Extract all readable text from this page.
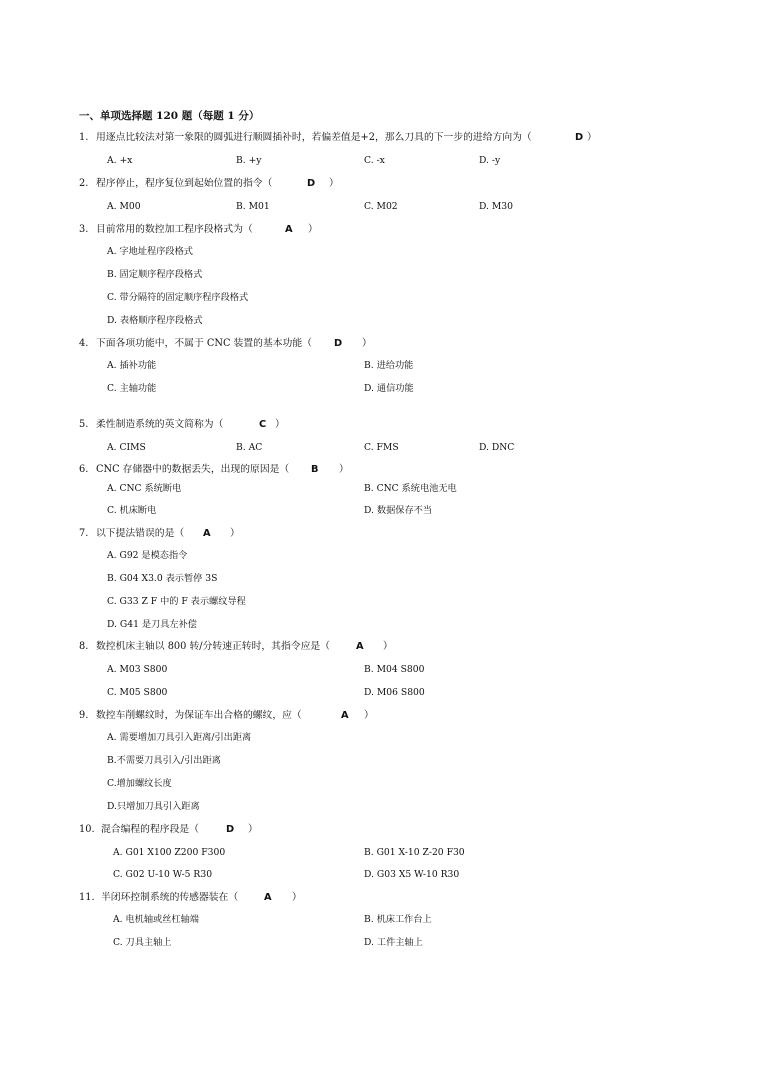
一、单项选择题 120 题（每题 1 分）
1. 用逐点比较法对第一象限的圆弧进行顺圆插补时，若偏差值是+2，那么刀具的下一步的进给方向为（	D ）
A. +x	B. +y	C. -x	D. -y
2. 程序停止，程序复位到起始位置的指令（	D ）
A. M00	B. M01	C. M02	D. M30
3. 目前常用的数控加工程序段格式为（	A ）
A. 字地址程序段格式
B. 固定顺序程序段格式
C. 带分隔符的固定顺序程序段格式
D. 表格顺序程序段格式
4. 下面各项功能中，不属于 CNC 装置的基本功能（ D ）
A. 插补功能	B. 进给功能
C. 主轴功能	D. 通信功能
5. 柔性制造系统的英文简称为（	C ）
A. CIMS	B. AC	C. FMS	D. DNC
6. CNC 存储器中的数据丢失，出现的原因是（ B ）
A. CNC 系统断电	B. CNC 系统电池无电
C. 机床断电	D. 数据保存不当
7. 以下提法错误的是（ A ）
A. G92 是模态指令
B. G04 X3.0 表示暂停 3S
C. G33 Z F 中的 F 表示螺纹导程
D. G41 是刀具左补偿
8. 数控机床主轴以 800 转/分转速正转时，其指令应是（	A ）
A. M03 S800	B. M04 S800
C. M05 S800	D. M06 S800
9. 数控车削螺纹时，为保证车出合格的螺纹，应（	A ）
A. 需要增加刀具引入距离/引出距离
B.不需要刀具引入/引出距离
C.增加螺纹长度
D.只增加刀具引入距离
10. 混合编程的程序段是（	D ）
A. G01 X100 Z200 F300	B. G01 X-10 Z-20 F30
C. G02 U-10 W-5 R30	D. G03 X5 W-10 R30
11. 半闭环控制系统的传感器装在（	A ）
A. 电机轴或丝杠轴端	B. 机床工作台上
C. 刀具主轴上	D. 工件主轴上
